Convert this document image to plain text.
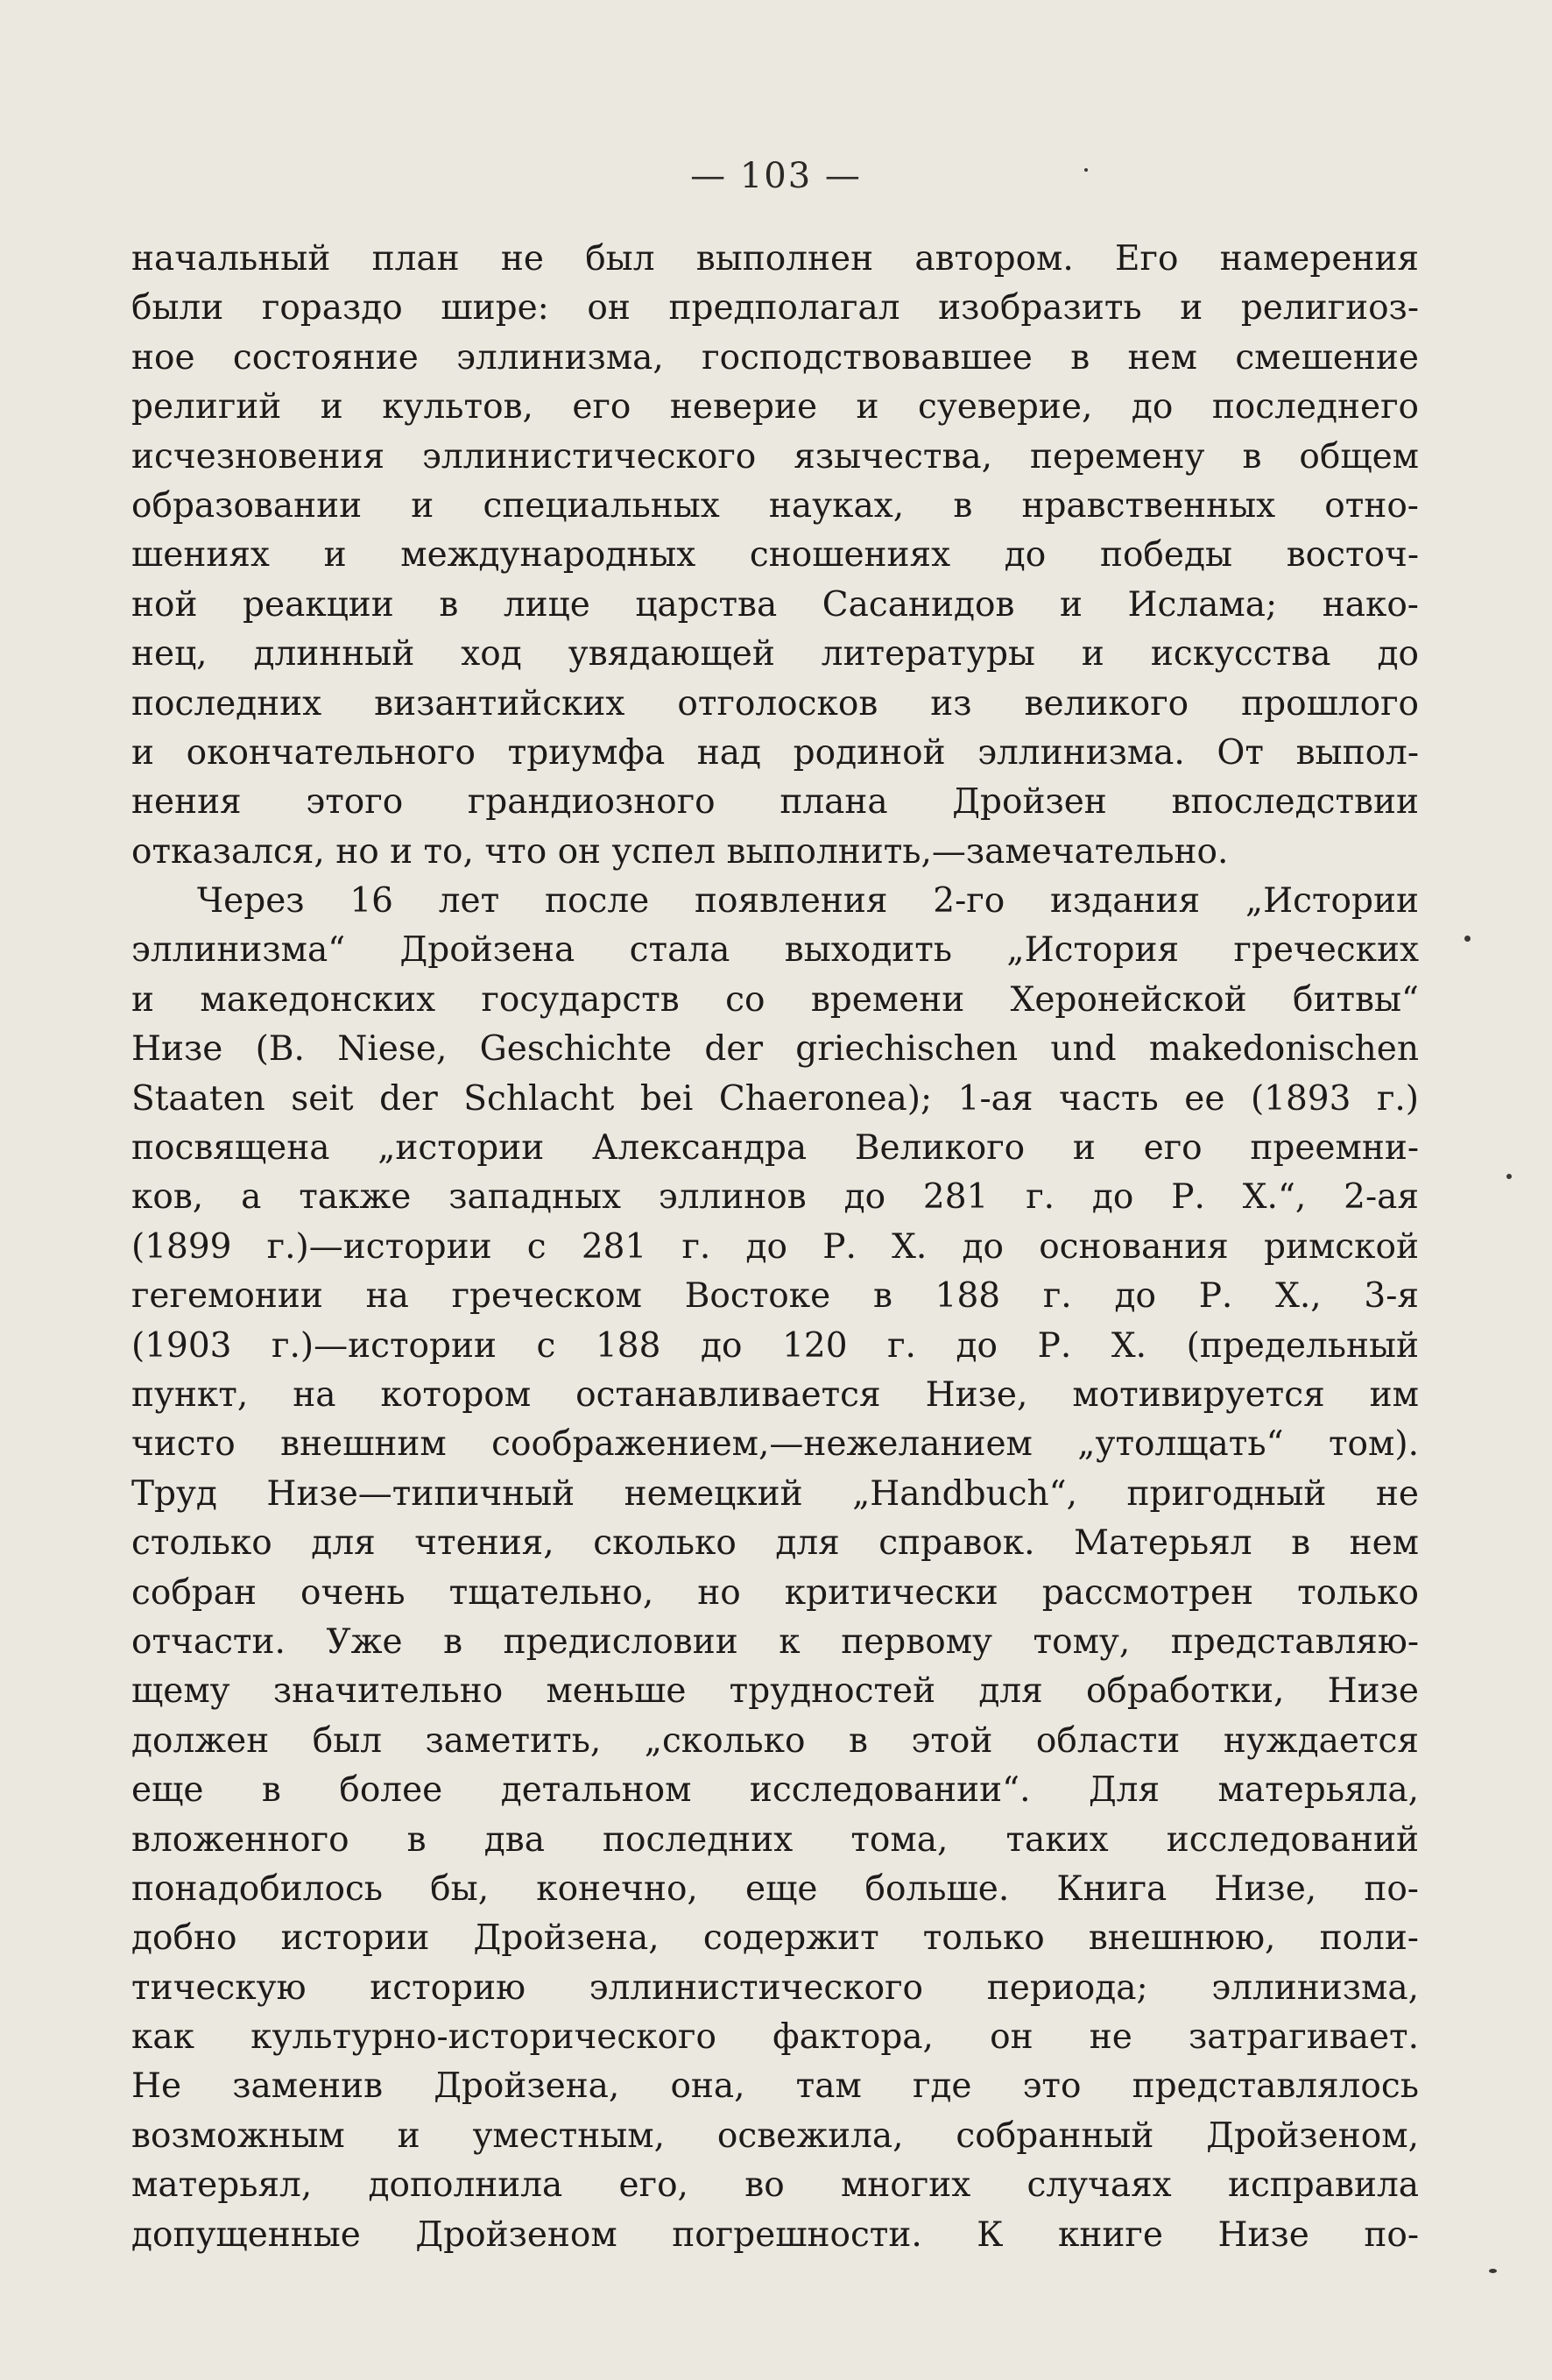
— 103 —
начальный план не был выполнен автором. Его намерения
были гораздо шире: он предполагал изобразить и религиоз-
ное состояние эллинизма, господствовавшее в нем смешение
религий и культов, его неверие и суеверие, до последнего
исчезновения эллинистического язычества, перемену в общем
образовании и специальных науках, в нравственных отно-
шениях и международных сношениях до победы восточ-
ной реакции в лице царства Сасанидов и Ислама; нако-
нец, длинный ход увядающей литературы и искусства до
последних византийских отголосков из великого прошлого
и окончательного триумфа над родиной эллинизма. От выпол-
нения этого грандиозного плана Дройзен впоследствии
отказался, но и то, что он успел выполнить,—замечательно.
Через 16 лет после появления 2-го издания „Истории
эллинизма“ Дройзена стала выходить „История греческих
и македонских государств со времени Херонейской битвы“
Низе (B. Niese, Geschichte der griechischen und makedonischen
Staaten seit der Schlacht bei Chaeronea); 1-ая часть ее (1893 г.)
посвящена „истории Александра Великого и его преемни-
ков, а также западных эллинов до 281 г. до Р. Х.“, 2-ая
(1899 г.)—истории с 281 г. до Р. Х. до основания римской
гегемонии на греческом Востоке в 188 г. до Р. Х., 3-я
(1903 г.)—истории с 188 до 120 г. до Р. Х. (предельный
пункт, на котором останавливается Низе, мотивируется им
чисто внешним соображением,—нежеланием „утолщать“ том).
Труд Низе—типичный немецкий „Handbuch“, пригодный не
столько для чтения, сколько для справок. Матерьял в нем
собран очень тщательно, но критически рассмотрен только
отчасти. Уже в предисловии к первому тому, представляю-
щему значительно меньше трудностей для обработки, Низе
должен был заметить, „сколько в этой области нуждается
еще в более детальном исследовании“. Для матерьяла,
вложенного в два последних тома, таких исследований
понадобилось бы, конечно, еще больше. Книга Низе, по-
добно истории Дройзена, содержит только внешнюю, поли-
тическую историю эллинистического периода; эллинизма,
как культурно-исторического фактора, он не затрагивает.
Не заменив Дройзена, она, там где это представлялось
возможным и уместным, освежила, собранный Дройзеном,
матерьял, дополнила его, во многих случаях исправила
допущенные Дройзеном погрешности. К книге Низе по-
